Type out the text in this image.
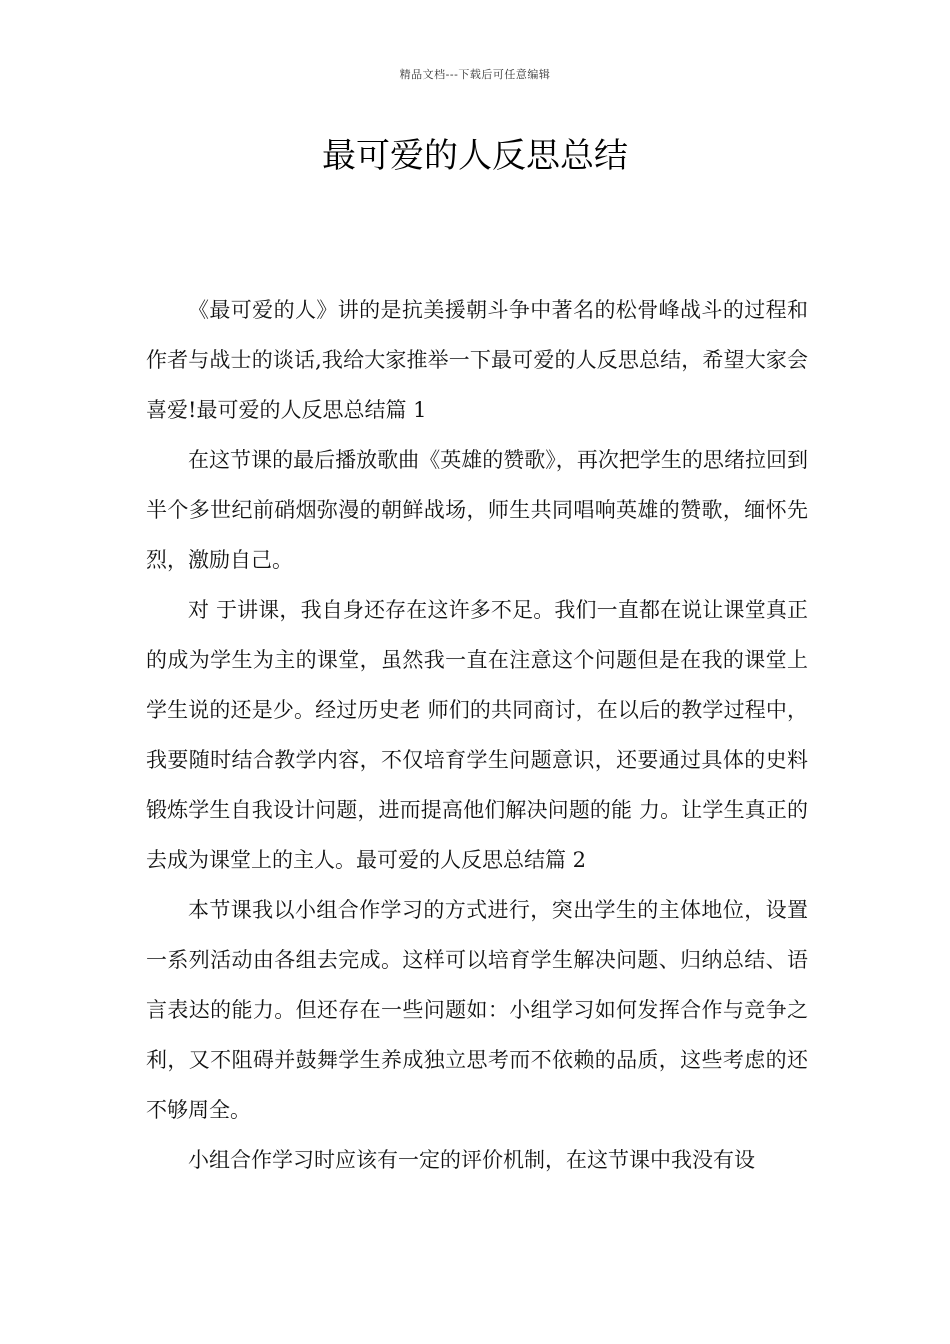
精品文档---下载后可任意编辑
最可爱的人反思总结

《最可爱的人》讲的是抗美援朝斗争中著名的松骨峰战斗的过程和作者与战士的谈话,我给大家推举一下最可爱的人反思总结，希望大家会喜爱!最可爱的人反思总结篇 1

在这节课的最后播放歌曲《英雄的赞歌》，再次把学生的思绪拉回到半个多世纪前硝烟弥漫的朝鲜战场，师生共同唱响英雄的赞歌，缅怀先烈，激励自己。

对 于讲课，我自身还存在这许多不足。我们一直都在说让课堂真正的成为学生为主的课堂，虽然我一直在注意这个问题但是在我的课堂上学生说的还是少。经过历史老 师们的共同商讨，在以后的教学过程中，我要随时结合教学内容，不仅培育学生问题意识，还要通过具体的史料锻炼学生自我设计问题，进而提高他们解决问题的能 力。让学生真正的去成为课堂上的主人。最可爱的人反思总结篇 2

本节课我以小组合作学习的方式进行，突出学生的主体地位，设置一系列活动由各组去完成。这样可以培育学生解决问题、归纳总结、语言表达的能力。但还存在一些问题如：小组学习如何发挥合作与竞争之利，又不阻碍并鼓舞学生养成独立思考而不依赖的品质，这些考虑的还不够周全。

小组合作学习时应该有一定的评价机制，在这节课中我没有设
